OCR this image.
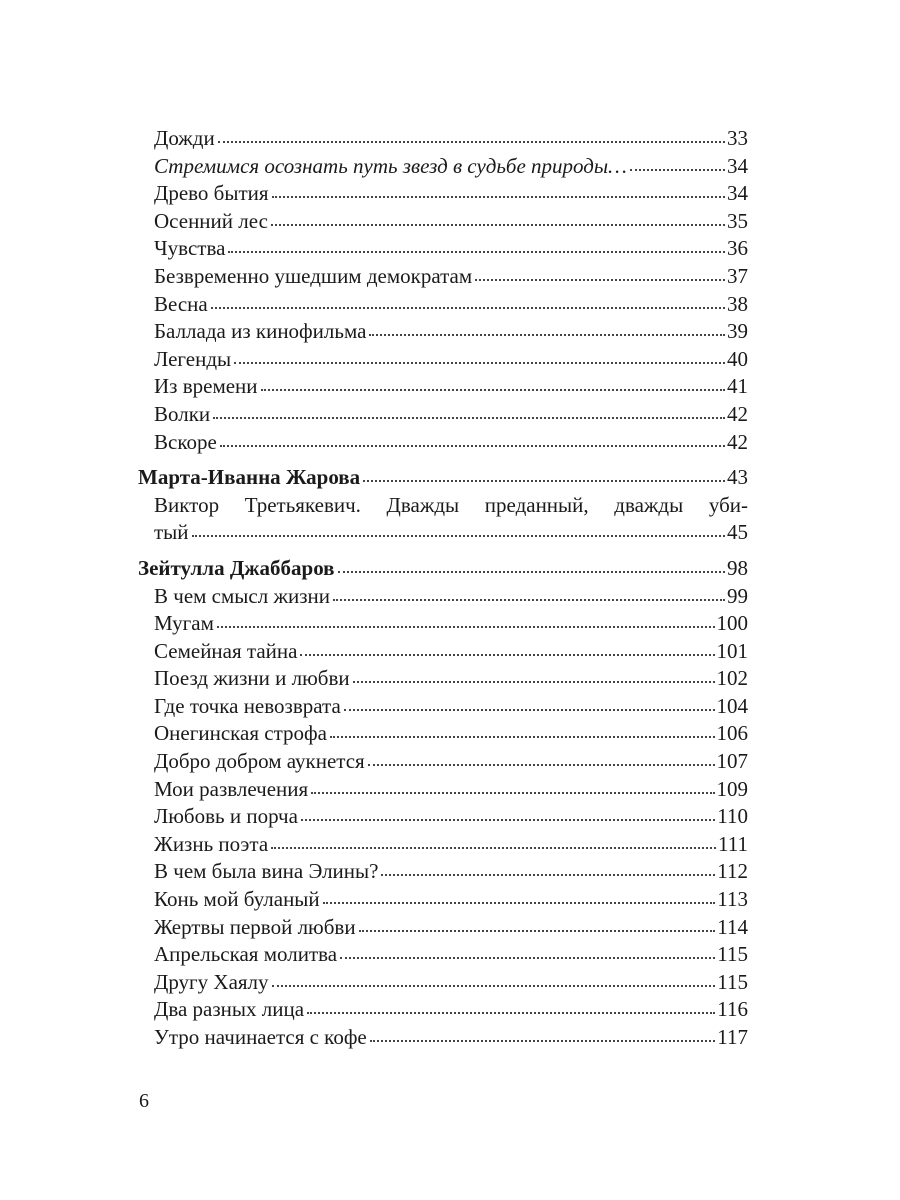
Дожди	33
Стремимся осознать путь звезд в судьбе природы…	34
Древо бытия	34
Осенний лес	35
Чувства	36
Безвременно ушедшим демократам	37
Весна	38
Баллада из кинофильма	39
Легенды	40
Из времени	41
Волки	42
Вскоре	42
Марта-Иванна Жарова	43
Виктор Третьякевич. Дважды преданный, дважды уби-
тый	45
Зейтулла Джаббаров	98
В чем смысл жизни	99
Мугам	100
Семейная тайна	101
Поезд жизни и любви	102
Где точка невозврата	104
Онегинская строфа	106
Добро добром аукнется	107
Мои развлечения	109
Любовь и порча	110
Жизнь поэта	111
В чем была вина Элины?	112
Конь мой буланый	113
Жертвы первой любви	114
Апрельская молитва	115
Другу Хаялу	115
Два разных лица	116
Утро начинается с кофе	117
6
